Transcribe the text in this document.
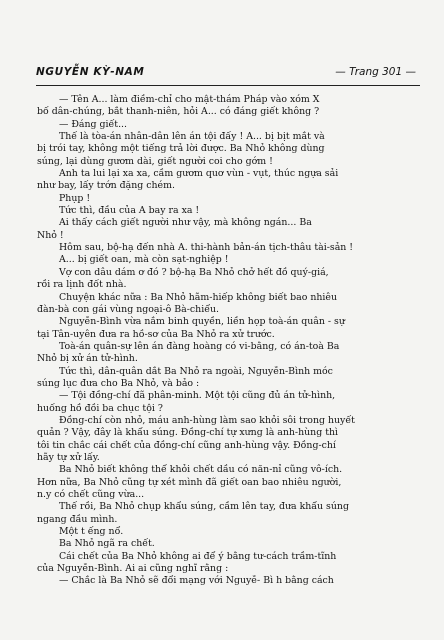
NGUYỄN KỲ-NAM	— Trang 301 —

— Tên A... làm điềm-chỉ cho mật-thám Pháp vào xóm X

bố dân-chúng, bắt thanh-niên, hỏi A... có đáng giết không ?

— Đáng giết...

Thế là tòa-án nhân-dân lên án tội đấy ! A... bị bịt mắt và

bị trói tay, không một tiếng trả lời được. Ba Nhỏ không dùng

súng, lại dùng gươm dài, giết người coi cho gớm !

Anh ta lui lại xa xa, cầm gươm quơ vùn - vụt, thúc ngựa sải

như bay, lấy trớn đặng chém.

Phụp !

Tức thì, đầu của A bay ra xa !

Ai thấy cách giết người như vậy, mà không ngán... Ba

Nhỏ !

Hôm sau, bộ-hạ đến nhà A. thi-hành bản-án tịch-thâu tài-sản !

A... bị giết oan, mà còn sạt-nghiệp !

Vợ con dâu dám ơ đó ? bộ-hạ Ba Nhỏ chở hết đồ quý-giá,

rồi ra lịnh đốt nhà.

Chuyện khác nữa : Ba Nhỏ hãm-hiếp không biết bao nhiêu

đàn-bà con gái vùng ngoại-ô Bà-chiểu.

Nguyễn-Bình vừa nắm binh quyền, liền họp toà-án quân - sự

tại Tân-uyên đưa ra hồ-sơ của Ba Nhỏ ra xử trước.

Toà-án quân-sự lên án đàng hoàng có vi-bằng, có án-toà Ba

Nhỏ bị xử án tử-hình.

Tức thì, dân-quân dắt Ba Nhỏ ra ngoài, Nguyễn-Bình móc

súng lục đưa cho Ba Nhỏ, và bảo :

— Tội đồng-chí đã phân-minh. Một tội cũng đủ án tử-hình,

huống hồ đồi ba chục tội ?

Đồng-chí còn nhỏ, máu anh-hùng làm sao khỏi sôi trong huyết

quản ? Vậy, đây là khẩu súng. Đồng-chí tự xưng là anh-hùng thì

tôi tin chắc cái chết của đồng-chí cũng anh-hùng vậy. Đồng-chí

hãy tự xử lấy.

Ba Nhỏ biết không thể khỏi chết dầu có năn-nỉ cũng vô-ích.

Hơn nữa, Ba Nhỏ cũng tự xét mình đã giết oan bao nhiêu người,

n.y có chết cũng vừa...

Thế rồi, Ba Nhỏ chụp khẩu súng, cầm lên tay, đưa khẩu súng

ngang đầu mình.

Một t ếng nổ.

Ba Nhỏ ngã ra chết.

Cái chết của Ba Nhỏ không ai để ý bằng tư-cách trầm-tĩnh

của Nguyễn-Bình. Ai ai cũng nghĩ rằng :

— Chắc là Ba Nhỏ sẽ đổi mạng với Nguyễ- Bì h bằng cách
